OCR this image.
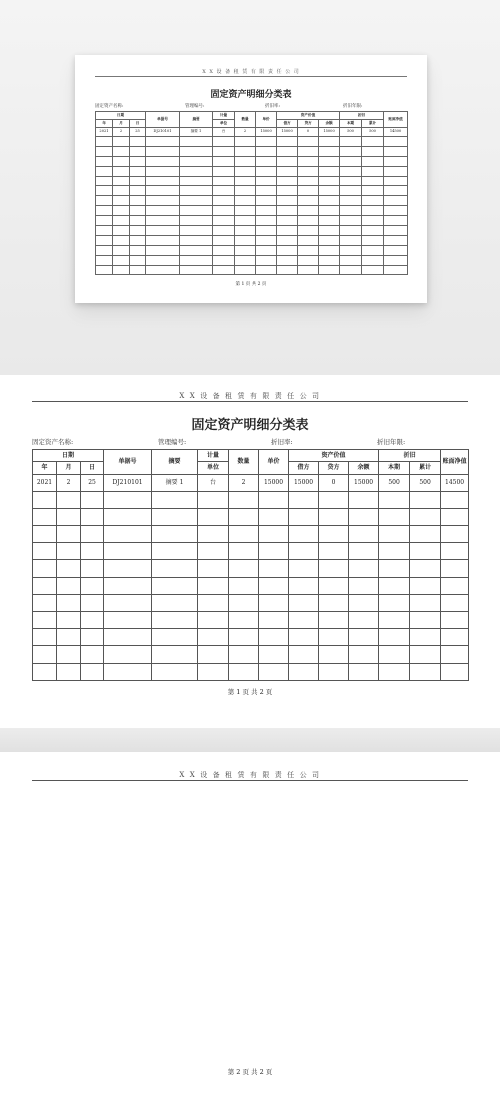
X X 设 备 租 赁 有 限 责 任 公 司
固定资产明细分类表
固定资产名称:	管理编号:	折旧率:	折旧年限:
日期			单据号	摘要	计量	数量	单价	资产价值			折旧		账面净值
年	月	日			单位			借方	贷方	余额	本期	累计	
2021	2	25	DJ210101	摘要 1	台	2	15000	15000	0	15000	500	500	14500

第 1 页 共 2 页
X X 设 备 租 赁 有 限 责 任 公 司
固定资产明细分类表
固定资产名称:	管理编号:	折旧率:	折旧年限:
日期			单据号	摘要	计量	数量	单价	资产价值			折旧		账面净值
年	月	日			单位			借方	贷方	余额	本期	累计	
2021	2	25	DJ210101	摘要 1	台	2	15000	15000	0	15000	500	500	14500

第 1 页 共 2 页
X X 设 备 租 赁 有 限 责 任 公 司
第 2 页 共 2 页
